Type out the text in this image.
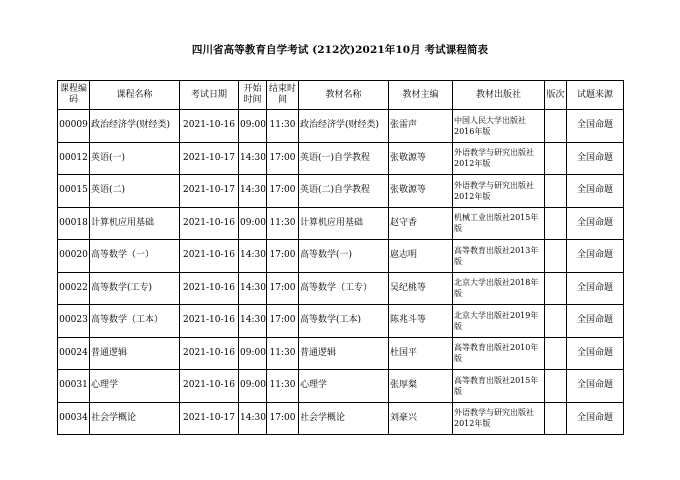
四川省高等教育自学考试 (212次)2021年10月 考试课程简表
课程编码	课程名称	考试日期	开始时间	结束时间	教材名称	教材主编	教材出版社	版次	试题来源
00009	政治经济学(财经类)	2021-10-16	09:00	11:30	政治经济学(财经类)	张雷声	中国人民大学出版社2016年版		全国命题
00012	英语(一)	2021-10-17	14:30	17:00	英语(一)自学教程	张敬源等	外语教学与研究出版社2012年版		全国命题
00015	英语(二)	2021-10-17	14:30	17:00	英语(二)自学教程	张敬源等	外语教学与研究出版社2012年版		全国命题
00018	计算机应用基础	2021-10-16	09:00	11:30	计算机应用基础	赵守香	机械工业出版社2015年版		全国命题
00020	高等数学（一）	2021-10-16	14:30	17:00	高等数学(一)	扈志明	高等教育出版社2013年版		全国命题
00022	高等数学(工专)	2021-10-16	14:30	17:00	高等数学（工专）	吴纪桃等	北京大学出版社2018年版		全国命题
00023	高等数学（工本）	2021-10-16	14:30	17:00	高等数学(工本)	陈兆斗等	北京大学出版社2019年版		全国命题
00024	普通逻辑	2021-10-16	09:00	11:30	普通逻辑	杜国平	高等教育出版社2010年版		全国命题
00031	心理学	2021-10-16	09:00	11:30	心理学	张厚粲	高等教育出版社2015年版		全国命题
00034	社会学概论	2021-10-17	14:30	17:00	社会学概论	刘豪兴	外语教学与研究出版社2012年版		全国命题
